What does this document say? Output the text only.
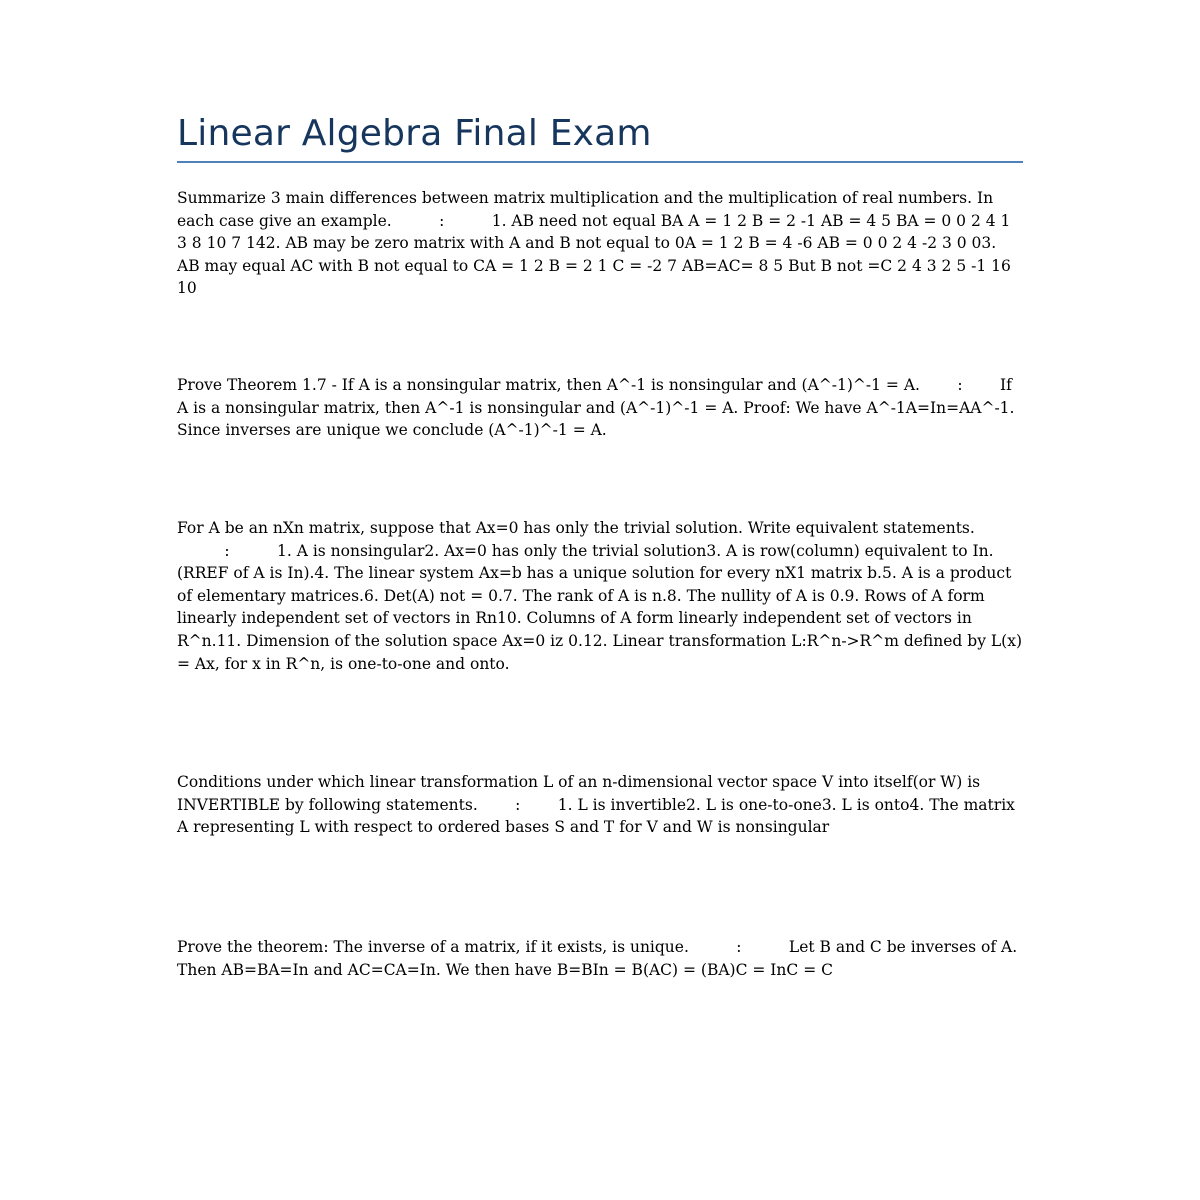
Linear Algebra Final Exam

Summarize 3 main differences between matrix multiplication and the multiplication of real numbers. In each case give an example.	:	1. AB need not equal BA A = 1 2 B = 2 -1 AB = 4 5 BA = 0 0 2 4 1 3 8 10 7 142. AB may be zero matrix with A and B not equal to 0A = 1 2 B = 4 -6 AB = 0 0 2 4 -2 3 0 03. AB may equal AC with B not equal to CA = 1 2 B = 2 1 C = -2 7 AB=AC= 8 5 But B not =C 2 4 3 2 5 -1 16 10

Prove Theorem 1.7 - If A is a nonsingular matrix, then A^-1 is nonsingular and (A^-1)^-1 = A. : If A is a nonsingular matrix, then A^-1 is nonsingular and (A^-1)^-1 = A. Proof: We have A^-1A=In=AA^-1. Since inverses are unique we conclude (A^-1)^-1 = A.

For A be an nXn matrix, suppose that Ax=0 has only the trivial solution. Write equivalent statements.:	1. A is nonsingular2. Ax=0 has only the trivial solution3. A is row(column) equivalent to In. (RREF of A is In).4. The linear system Ax=b has a unique solution for every nX1 matrix b.5. A is a product of elementary matrices.6. Det(A) not = 0.7. The rank of A is n.8. The nullity of A is 0.9. Rows of A form linearly independent set of vectors in Rn10. Columns of A form linearly independent set of vectors in R^n.11. Dimension of the solution space Ax=0 iz 0.12. Linear transformation L:R^n->R^m defined by L(x) = Ax, for x in R^n, is one-to-one and onto.

Conditions under which linear transformation L of an n-dimensional vector space V into itself(or W) is INVERTIBLE by following statements. : 1. L is invertible2. L is one-to-one3. L is onto4. The matrix A representing L with respect to ordered bases S and T for V and W is nonsingular

Prove the theorem: The inverse of a matrix, if it exists, is unique.	:	Let B and C be inverses of A. Then AB=BA=In and AC=CA=In. We then have B=BIn = B(AC) = (BA)C = InC = C
